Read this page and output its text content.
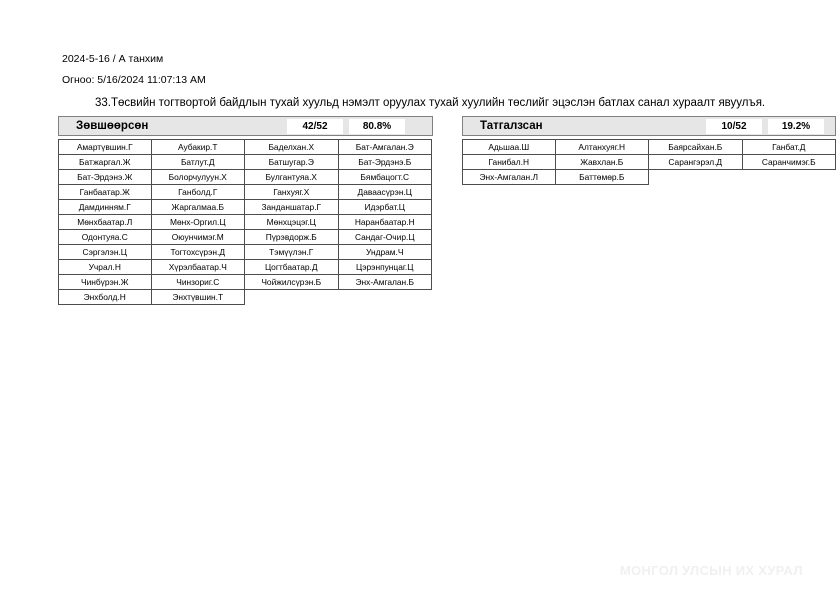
2024-5-16 / А танхим
Огноо: 5/16/2024 11:07:13 AM
33.Төсвийн тогтвортой байдлын тухай хуульд нэмэлт оруулах тухай хуулийн төслийг эцэслэн батлах санал хураалт явуулъя.
Зөвшөөрсөн	42/52	80.8%
Амартүвшин.Г	Аубакир.Т	Баделхан.Х	Бат-Амгалан.Э
Батжаргал.Ж	Батлут.Д	Батшугар.Э	Бат-Эрдэнэ.Б
Бат-Эрдэнэ.Ж	Болорчулуун.Х	Булгантуяа.Х	Бямбацогт.С
Ганбаатар.Ж	Ганболд.Г	Ганхуяг.Х	Даваасүрэн.Ц
Дамдинням.Г	Жаргалмаа.Б	Занданшатар.Г	Идэрбат.Ц
Мөнхбаатар.Л	Мөнх-Оргил.Ц	Мөнхцэцэг.Ц	Наранбаатар.Н
Одонтуяа.С	Оюунчимэг.М	Пүрэвдорж.Б	Сандаг-Очир.Ц
Сэргэлэн.Ц	Тогтохсүрэн.Д	Тэмүүлэн.Г	Ундрам.Ч
Учрал.Н	Хүрэлбаатар.Ч	Цогтбаатар.Д	Цэрэнпунцаг.Ц
Чинбүрэн.Ж	Чинзориг.С	Чойжилсүрэн.Б	Энх-Амгалан.Б
Энхболд.Н	Энхтүвшин.Т
Татгалзсан	10/52	19.2%
Адьшаа.Ш	Алтанхуяг.Н	Баярсайхан.Б	Ганбат.Д
Ганибал.Н	Жавхлан.Б	Сарангэрэл.Д	Саранчимэг.Б
Энх-Амгалан.Л	Баттөмөр.Б
МОНГОЛ УЛСЫН ИХ ХУРАЛ
